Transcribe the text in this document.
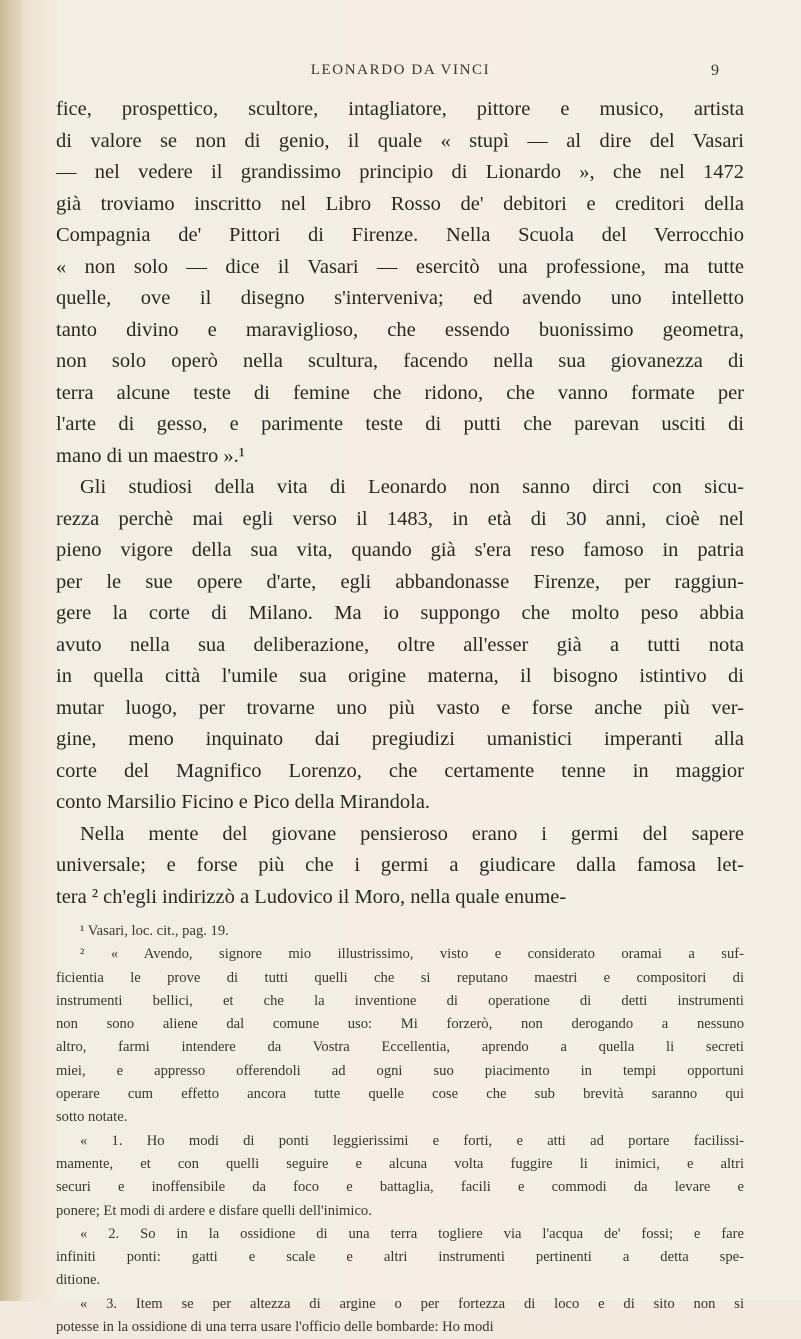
LEONARDO DA VINCI	9
fice, prospettico, scultore, intagliatore, pittore e musico, artista
di valore se non di genio, il quale « stupì — al dire del Vasari
— nel vedere il grandissimo principio di Lionardo », che nel 1472
già troviamo inscritto nel Libro Rosso de' debitori e creditori della
Compagnia de' Pittori di Firenze. Nella Scuola del Verrocchio
« non solo — dice il Vasari — esercitò una professione, ma tutte
quelle, ove il disegno s'interveniva; ed avendo uno intelletto
tanto divino e maraviglioso, che essendo buonissimo geometra,
non solo operò nella scultura, facendo nella sua giovanezza di
terra alcune teste di femine che ridono, che vanno formate per
l'arte di gesso, e parimente teste di putti che parevan usciti di
mano di un maestro ».¹
Gli studiosi della vita di Leonardo non sanno dirci con sicu-
rezza perchè mai egli verso il 1483, in età di 30 anni, cioè nel
pieno vigore della sua vita, quando già s'era reso famoso in patria
per le sue opere d'arte, egli abbandonasse Firenze, per raggiun-
gere la corte di Milano. Ma io suppongo che molto peso abbia
avuto nella sua deliberazione, oltre all'esser già a tutti nota
in quella città l'umile sua origine materna, il bisogno istintivo di
mutar luogo, per trovarne uno più vasto e forse anche più ver-
gine, meno inquinato dai pregiudizi umanistici imperanti alla
corte del Magnifico Lorenzo, che certamente tenne in maggior
conto Marsilio Ficino e Pico della Mirandola.
Nella mente del giovane pensieroso erano i germi del sapere
universale; e forse più che i germi a giudicare dalla famosa let-
tera ² ch'egli indirizzò a Ludovico il Moro, nella quale enume-
¹ Vasari, loc. cit., pag. 19.
² « Avendo, signore mio illustrissimo, visto e considerato oramai a suf-
ficientia le prove di tutti quelli che si reputano maestri e compositori di
instrumenti bellici, et che la inventione di operatione di detti instrumenti
non sono aliene dal comune uso: Mi forzerò, non derogando a nessuno
altro, farmi intendere da Vostra Eccellentia, aprendo a quella li secreti
miei, e appresso offerendoli ad ogni suo piacimento in tempi opportuni
operare cum effetto ancora tutte quelle cose che sub brevità saranno qui
sotto notate.
« 1. Ho modi di ponti leggierissimi e forti, e atti ad portare facilissi-
mamente, et con quelli seguire e alcuna volta fuggire li inimici, e altri
securi e inoffensibile da foco e battaglia, facili e commodi da levare e
ponere; Et modi di ardere e disfare quelli dell'inimico.
« 2. So in la ossidione di una terra togliere via l'acqua de' fossi; e fare
infiniti ponti: gatti e scale e altri instrumenti pertinenti a detta spe-
ditione.
« 3. Item se per altezza di argine o per fortezza di loco e di sito non si
potesse in la ossidione di una terra usare l'officio delle bombarde: Ho modi
